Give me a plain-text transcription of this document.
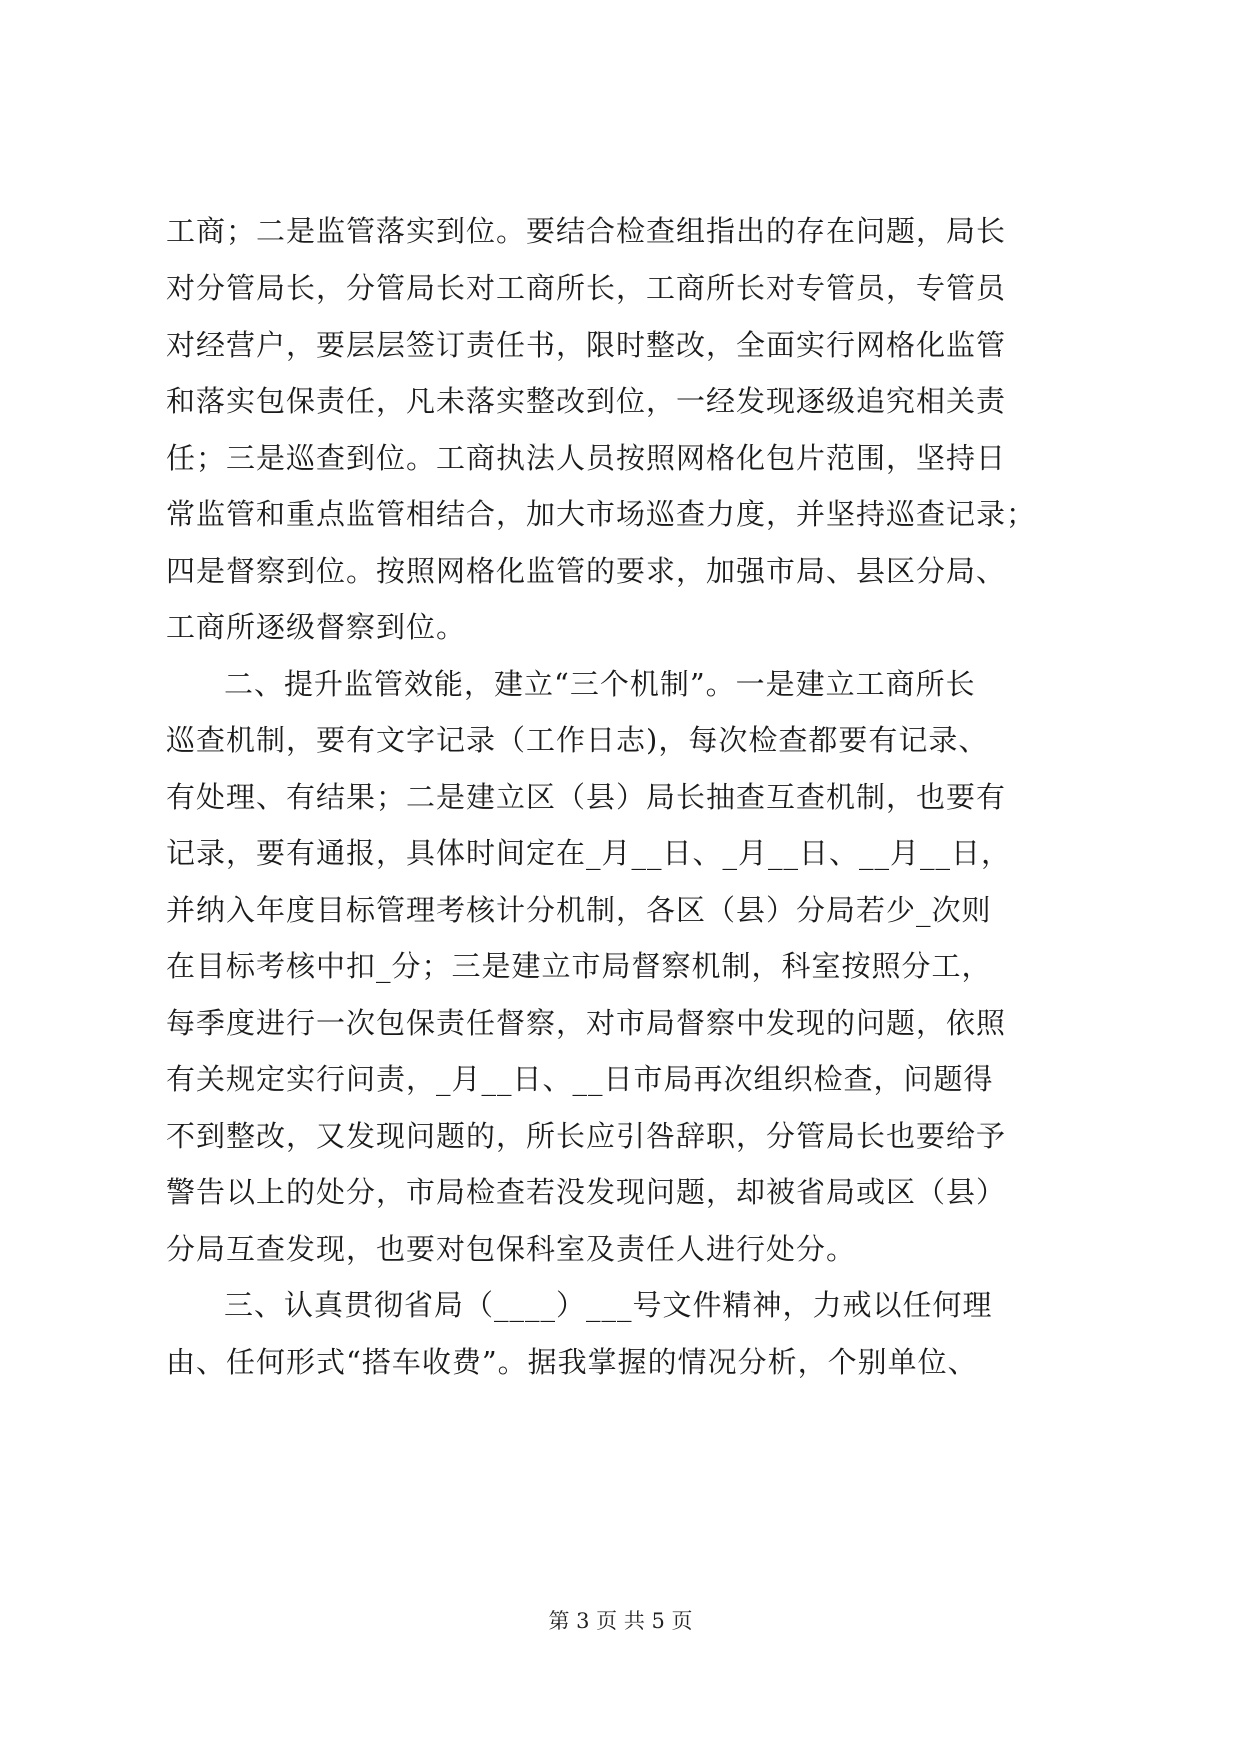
工商；二是监管落实到位。要结合检查组指出的存在问题，局长
对分管局长，分管局长对工商所长，工商所长对专管员，专管员
对经营户，要层层签订责任书，限时整改，全面实行网格化监管
和落实包保责任，凡未落实整改到位，一经发现逐级追究相关责
任；三是巡查到位。工商执法人员按照网格化包片范围，坚持日
常监管和重点监管相结合，加大市场巡查力度，并坚持巡查记录；
四是督察到位。按照网格化监管的要求，加强市局、县区分局、
工商所逐级督察到位。
二、提升监管效能，建立“三个机制”。一是建立工商所长
巡查机制，要有文字记录（工作日志)，每次检查都要有记录、
有处理、有结果；二是建立区（县）局长抽查互查机制，也要有
记录，要有通报，具体时间定在_月__日、_月__日、__月__日，
并纳入年度目标管理考核计分机制，各区（县）分局若少_次则
在目标考核中扣_分；三是建立市局督察机制，科室按照分工，
每季度进行一次包保责任督察，对市局督察中发现的问题，依照
有关规定实行问责，_月__日、__日市局再次组织检查，问题得
不到整改，又发现问题的，所长应引咎辞职，分管局长也要给予
警告以上的处分，市局检查若没发现问题，却被省局或区（县）
分局互查发现，也要对包保科室及责任人进行处分。
三、认真贯彻省局（____）___号文件精神，力戒以任何理
由、任何形式“搭车收费”。据我掌握的情况分析，个别单位、
第 3 页 共 5 页
